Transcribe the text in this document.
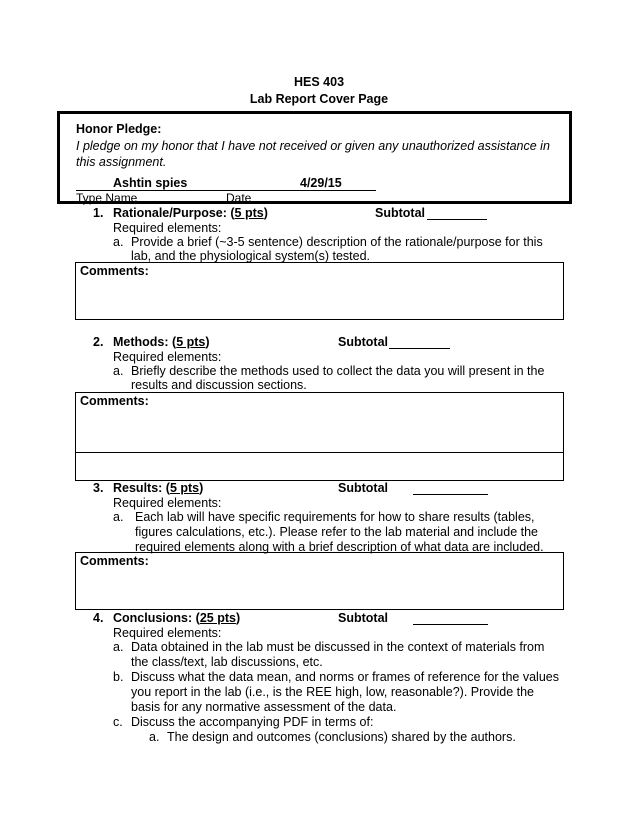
HES 403
Lab Report Cover Page
Honor Pledge:
I pledge on my honor that I have not received or given any unauthorized assistance in this assignment.
Ashtin spies	4/29/15
Type Name	Date
1. Rationale/Purpose: (5 pts)	Subtotal
Required elements:
a. Provide a brief (~3-5 sentence) description of the rationale/purpose for this lab, and the physiological system(s) tested.
Comments:
2. Methods: (5 pts)	Subtotal
Required elements:
a. Briefly describe the methods used to collect the data you will present in the results and discussion sections.
Comments:
3. Results: (5 pts)	Subtotal
Required elements:
a. Each lab will have specific requirements for how to share results (tables, figures calculations, etc.). Please refer to the lab material and include the required elements along with a brief description of what data are included.
Comments:
4. Conclusions: (25 pts)	Subtotal
Required elements:
a. Data obtained in the lab must be discussed in the context of materials from the class/text, lab discussions, etc.
b. Discuss what the data mean, and norms or frames of reference for the values you report in the lab (i.e., is the REE high, low, reasonable?). Provide the basis for any normative assessment of the data.
c. Discuss the accompanying PDF in terms of:
a. The design and outcomes (conclusions) shared by the authors.
